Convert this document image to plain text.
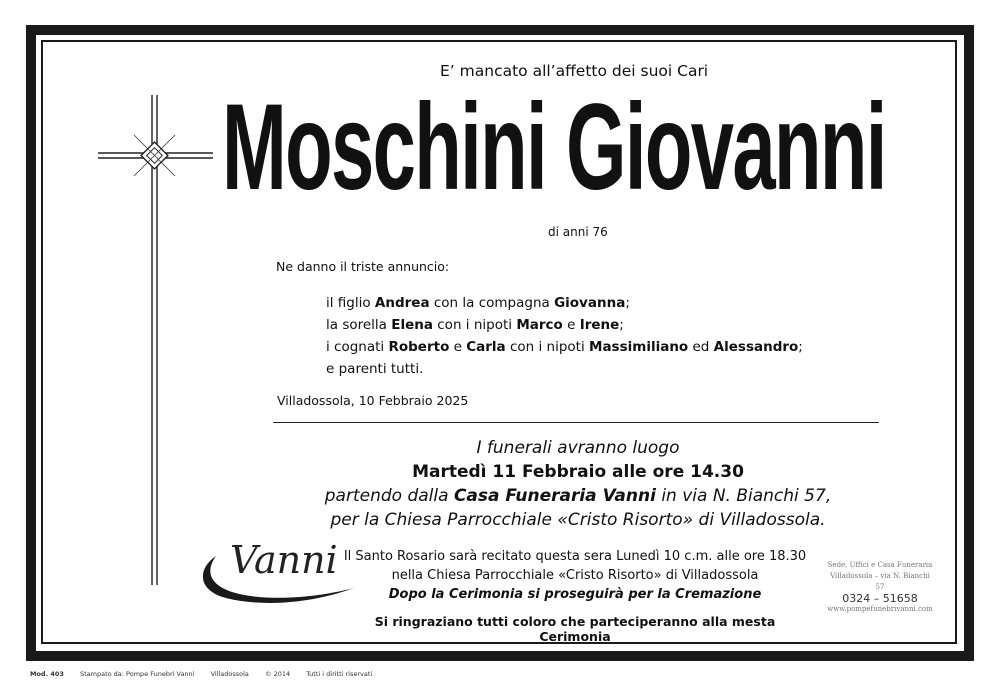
E’ mancato all’affetto dei suoi Cari
Moschini Giovanni
di anni 76
Ne danno il triste annuncio:
il figlio Andrea con la compagna Giovanna;
la sorella Elena con i nipoti Marco e Irene;
i cognati Roberto e Carla con i nipoti Massimiliano ed Alessandro;
e parenti tutti.
Villadossola, 10 Febbraio 2025
I funerali avranno luogo
Martedì 11 Febbraio alle ore 14.30
partendo dalla Casa Funeraria Vanni in via N. Bianchi 57,
per la Chiesa Parrocchiale «Cristo Risorto» di Villadossola.
Vanni Il Santo Rosario sarà recitato questa sera Lunedì 10 c.m. alle ore 18.30
nella Chiesa Parrocchiale «Cristo Risorto» di Villadossola
Dopo la Cerimonia si proseguirà per la Cremazione
Si ringraziano tutti coloro che parteciperanno alla mesta Cerimonia
Sede, Uffici e Casa Funeraria
Villadossola – via N. Bianchi 57
0324 – 51658
www.pompefunebrivanni.com
Mod. 403 Stampato da: Pompe Funebri Vanni Villadossola © 2014 Tutti i diritti riservati
